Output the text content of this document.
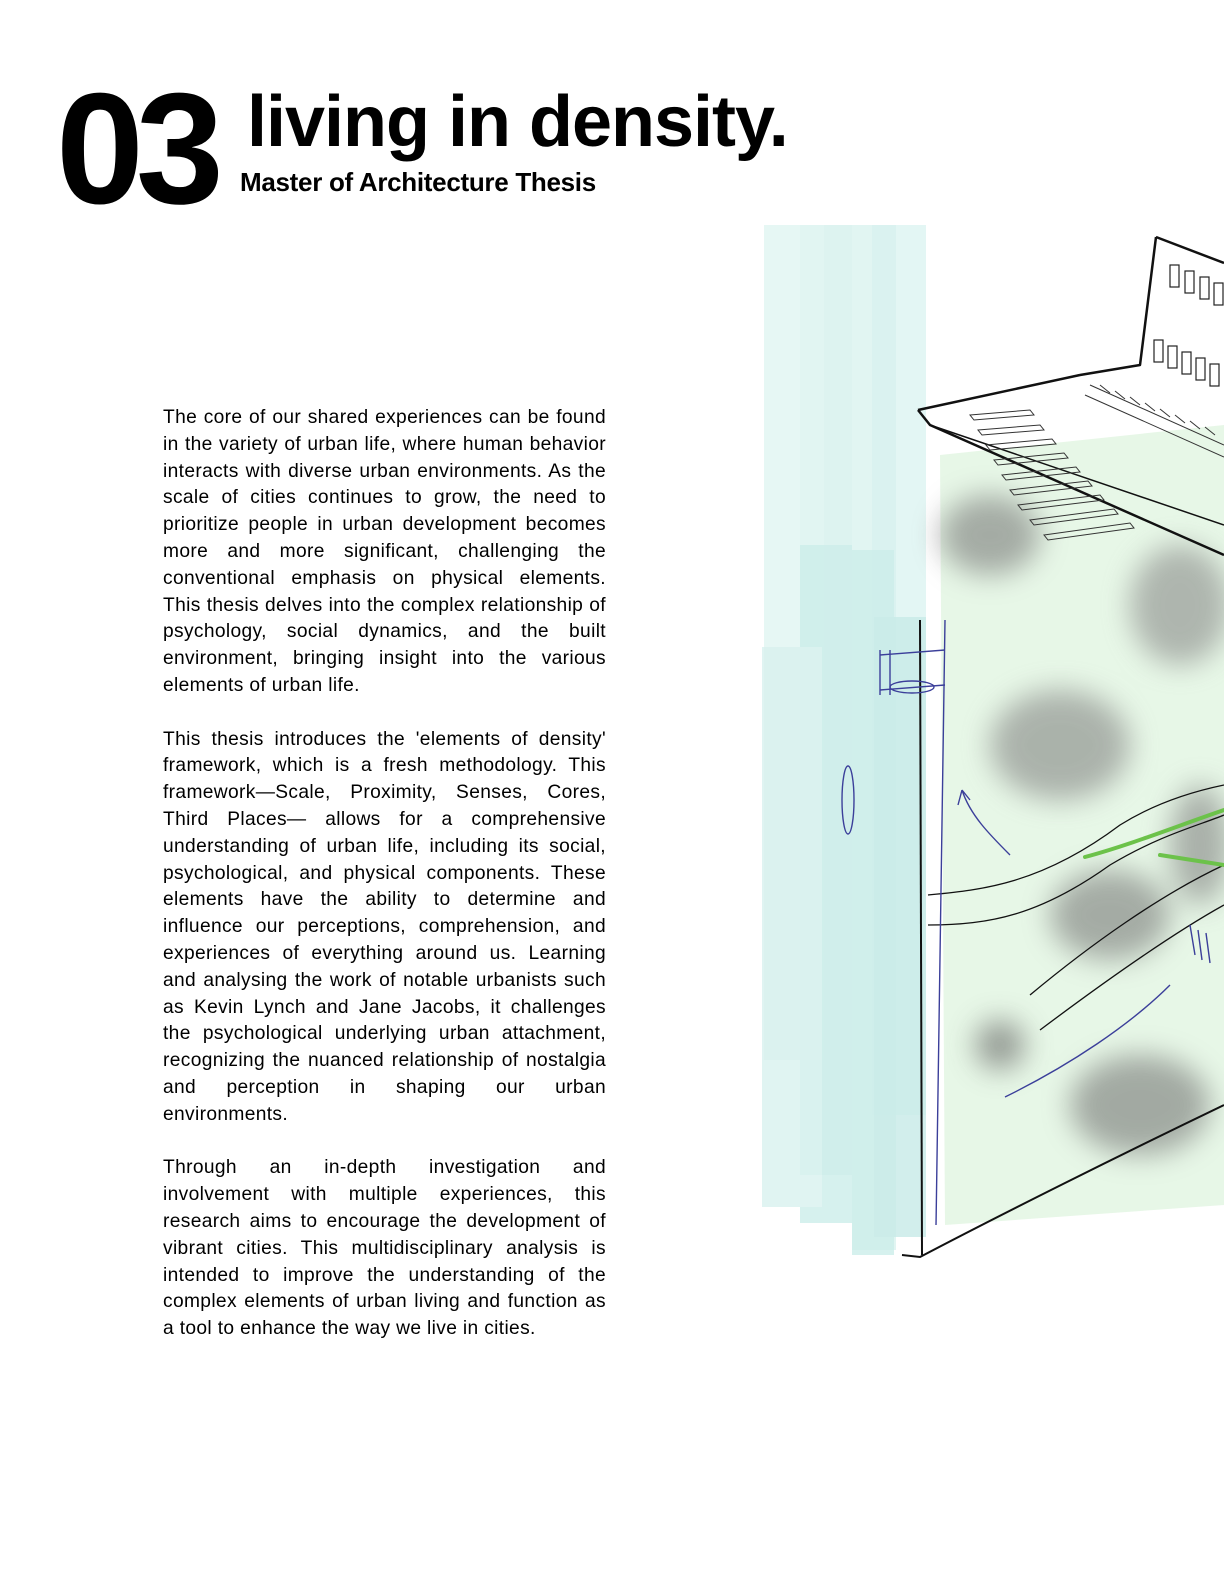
03 living in density.
Master of Architecture Thesis

The core of our shared experiences can be found in the variety of urban life, where human behavior interacts with diverse urban environments. As the scale of cities continues to grow, the need to prioritize people in urban development becomes more and more significant, challenging the conventional emphasis on physical elements. This thesis delves into the complex relationship of psychology, social dynamics, and the built environment, bringing insight into the various elements of urban life.

This thesis introduces the 'elements of density' framework, which is a fresh methodology. This framework—Scale, Proximity, Senses, Cores, Third Places— allows for a comprehensive understanding of urban life, including its social, psychological, and physical components. These elements have the ability to determine and influence our perceptions, comprehension, and experiences of everything around us. Learning and analysing the work of notable urbanists such as Kevin Lynch and Jane Jacobs, it challenges the psychological underlying urban attachment, recognizing the nuanced relationship of nostalgia and perception in shaping our urban environments.

Through an in-depth investigation and involvement with multiple experiences, this research aims to encourage the development of vibrant cities. This multidisciplinary analysis is intended to improve the understanding of the complex elements of urban living and function as a tool to enhance the way we live in cities.
